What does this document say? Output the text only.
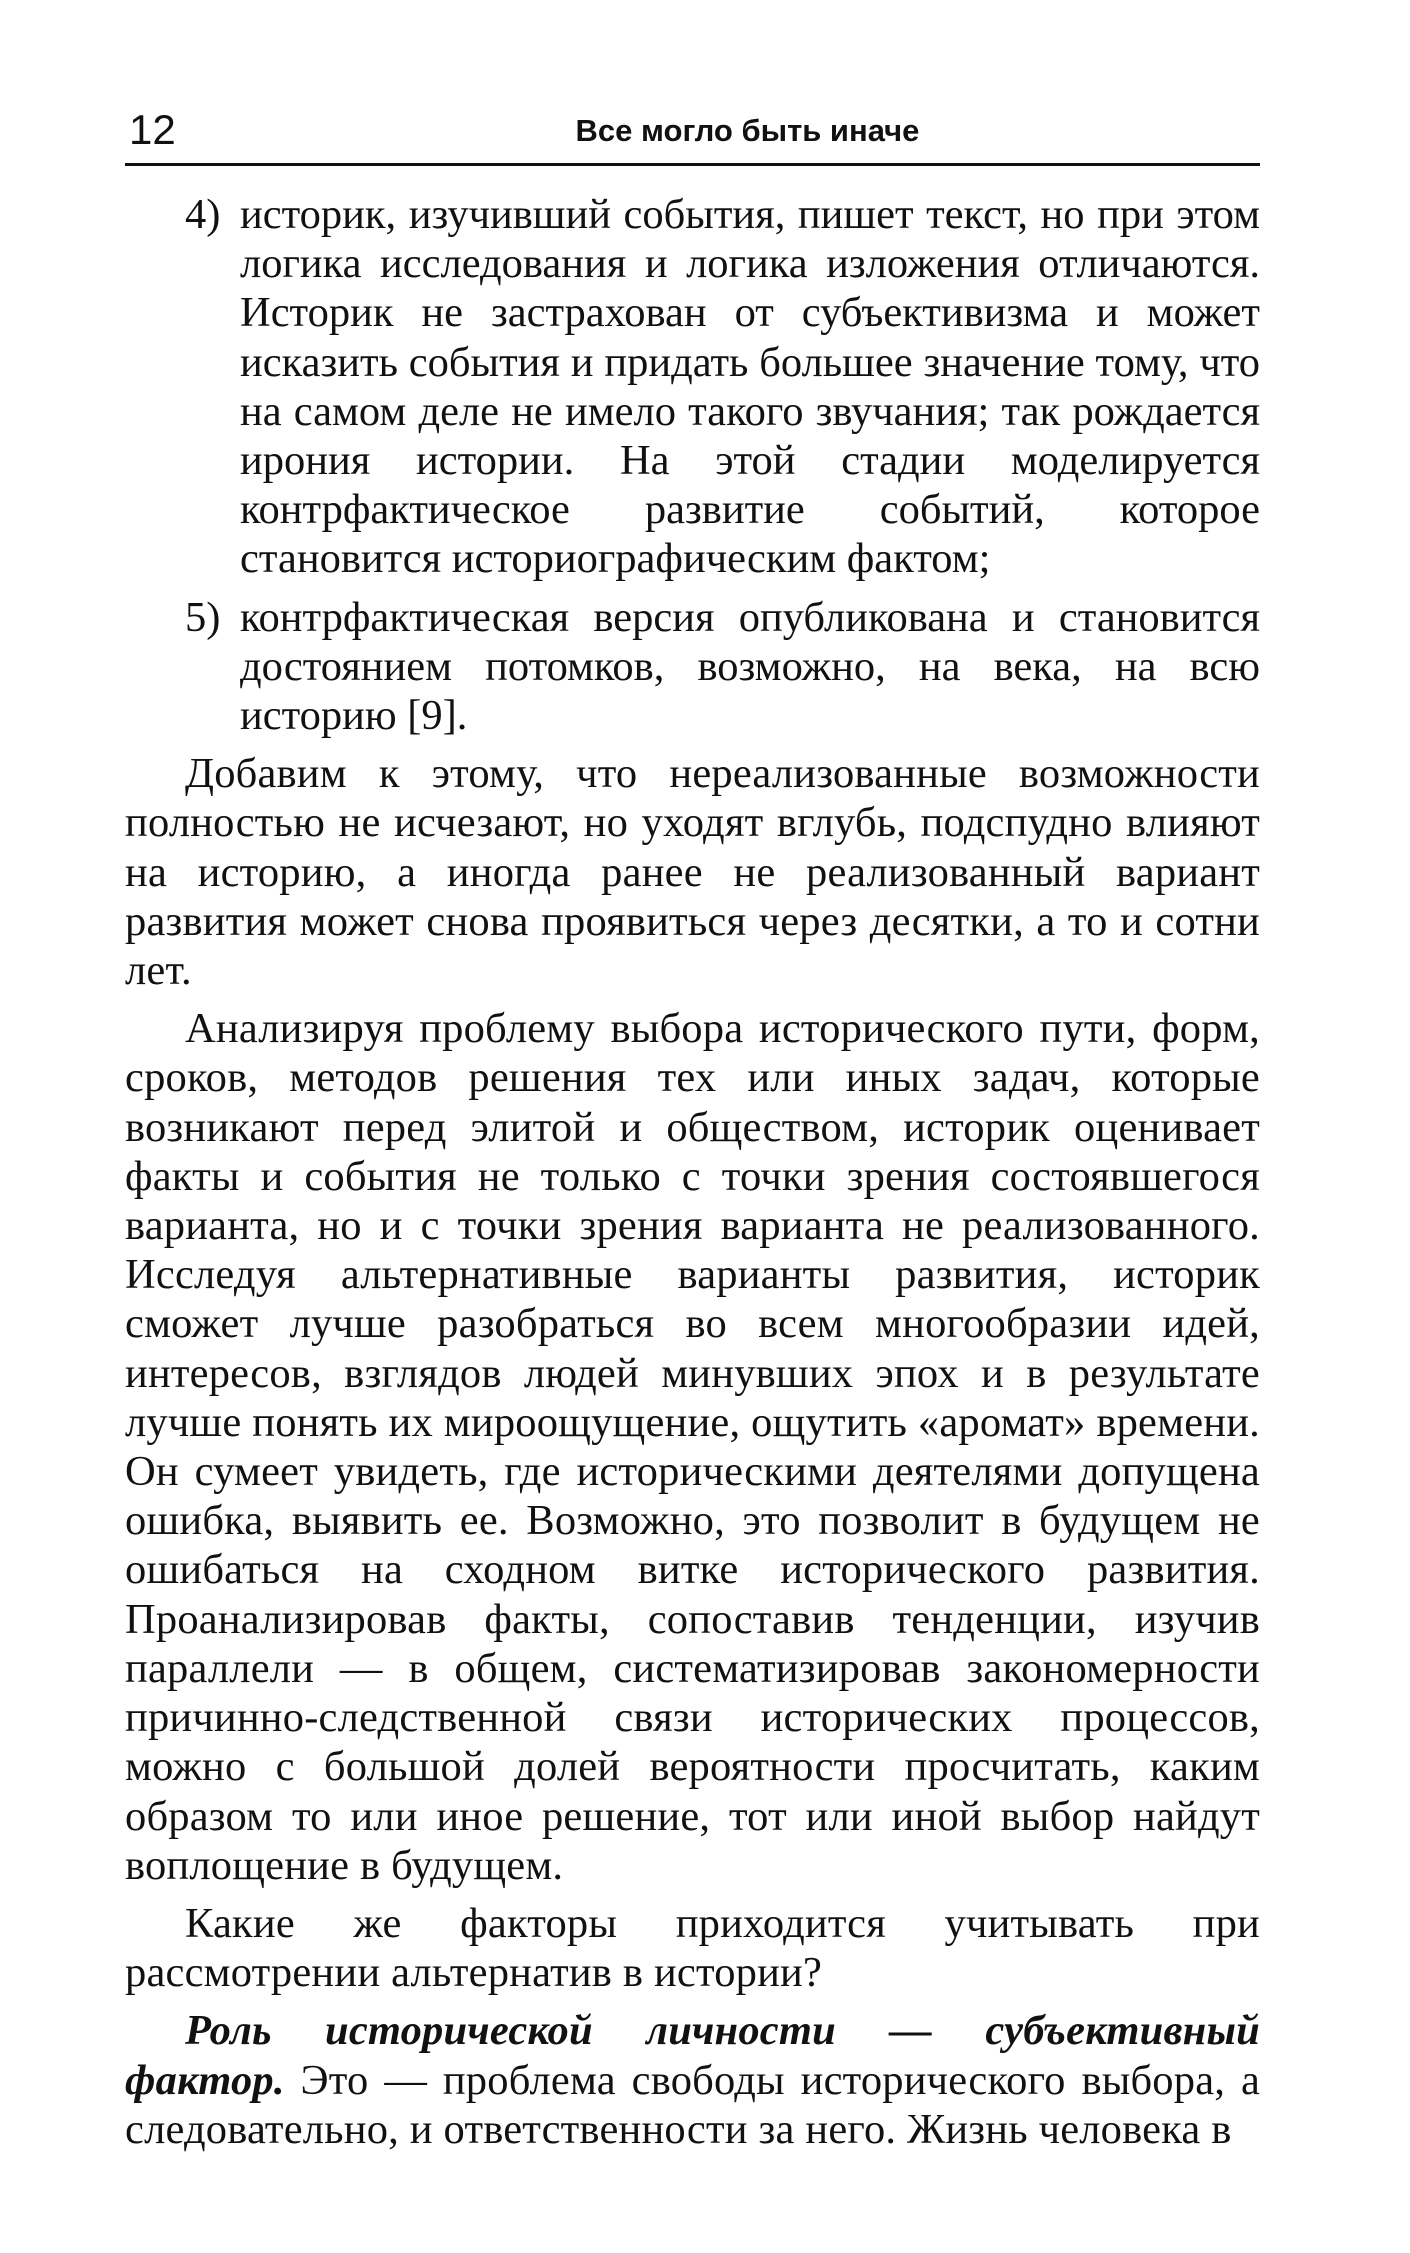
12	Все могло быть иначе
4) историк, изучивший события, пишет текст, но при этом логика исследования и логика изложения отличаются. Историк не застрахован от субъективизма и может исказить события и придать большее значение тому, что на самом деле не имело такого звучания; так рождается ирония истории. На этой стадии моделируется контрфактическое развитие событий, которое становится историографическим фактом;
5) контрфактическая версия опубликована и становится достоянием потомков, возможно, на века, на всю историю [9].

Добавим к этому, что нереализованные возможности полностью не исчезают, но уходят вглубь, подспудно влияют на историю, а иногда ранее не реализованный вариант развития может снова проявиться через десятки, а то и сотни лет.

Анализируя проблему выбора исторического пути, форм, сроков, методов решения тех или иных задач, которые возникают перед элитой и обществом, историк оценивает факты и события не только с точки зрения состоявшегося варианта, но и с точки зрения варианта не реализованного. Исследуя альтернативные варианты развития, историк сможет лучше разобраться во всем многообразии идей, интересов, взглядов людей минувших эпох и в результате лучше понять их мироощущение, ощутить «аромат» времени. Он сумеет увидеть, где историческими деятелями допущена ошибка, выявить ее. Возможно, это позволит в будущем не ошибаться на сходном витке исторического развития. Проанализировав факты, сопоставив тенденции, изучив параллели — в общем, систематизировав закономерности причинно-следственной связи исторических процессов, можно с большой долей вероятности просчитать, каким образом то или иное решение, тот или иной выбор найдут воплощение в будущем.

Какие же факторы приходится учитывать при рассмотрении альтернатив в истории?

Роль исторической личности — субъективный фактор. Это — проблема свободы исторического выбора, а следовательно, и ответственности за него. Жизнь человека в
